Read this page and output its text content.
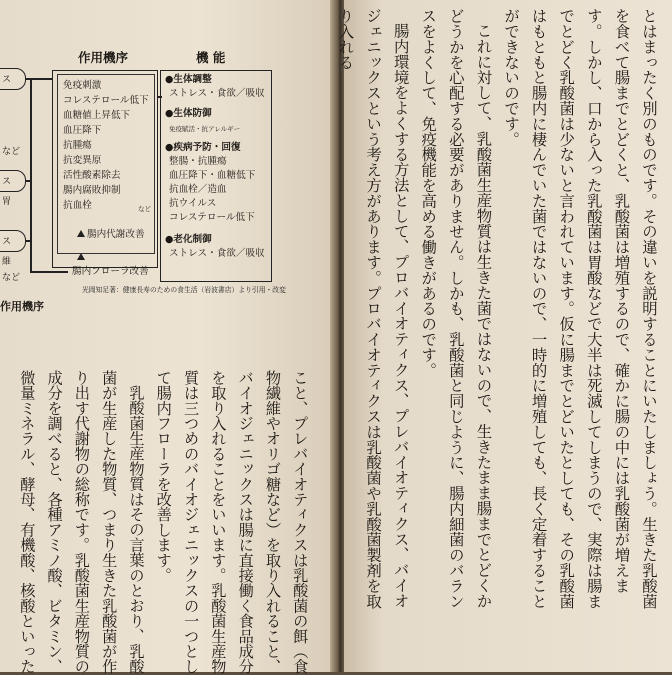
作用機序	機 能
免疫刺激
コレステロール低下
血糖値上昇低下
血圧降下
抗腫瘍
抗変異原
活性酸素除去
腸内腐敗抑制
抗血栓	など
腸内代謝改善
腸内フローラ改善
●生体調整
ストレス・食欲／吸収
●生体防御
免疫賦活・抗アレルギー
●疾病予防・回復
整腸・抗腫瘍
血圧降下・血糖低下
抗血栓／造血
抗ウイルス
コレステロール低下
●老化制御
ストレス・食欲／吸収
ス
など
ス
胃
ス
維
など
光岡知足著：健康長寿のための食生活（岩波書店）より引用・改変
作用機序

こと、プレバイオティクスは乳酸菌の餌（食物繊維やオリゴ糖など）を取り入れること、バイオジェニックスは腸に直接働く食品成分を取り入れることをいいます。乳酸菌生産物質は三つめのバイオジェニックスの一つとして腸内フローラを改善します。

乳酸菌生産物質はその言葉のとおり、乳酸菌が生産した物質、つまり生きた乳酸菌が作り出す代謝物の総称です。乳酸菌生産物質の成分を調べると、各種アミノ酸、ビタミン、微量ミネラル、酵母、有機酸、核酸といった	とはまったく別のものです。その違いを説明することにいたしましょう。生きた乳酸菌を食べて腸までとどくと、乳酸菌は増殖するので、確かに腸の中には乳酸菌が増えます。しかし、口から入った乳酸菌は胃酸などで大半は死滅してしまうので、実際は腸までとどく乳酸菌は少ないと言われています。仮に腸までとどいたとしても、その乳酸菌はもともと腸内に棲んでいた菌ではないので、一時的に増殖しても、長く定着することができないのです。

これに対して、乳酸菌生産物質は生きた菌ではないので、生きたまま腸までとどくかどうかを心配する必要がありません。しかも、乳酸菌と同じように、腸内細菌のバランスをよくして、免疫機能を高める働きがあるのです。

腸内環境をよくする方法として、プロバイオティクス、プレバイオティクス、バイオジェニックスという考え方があります。プロバイオティクスは乳酸菌や乳酸菌製剤を取り入れる
